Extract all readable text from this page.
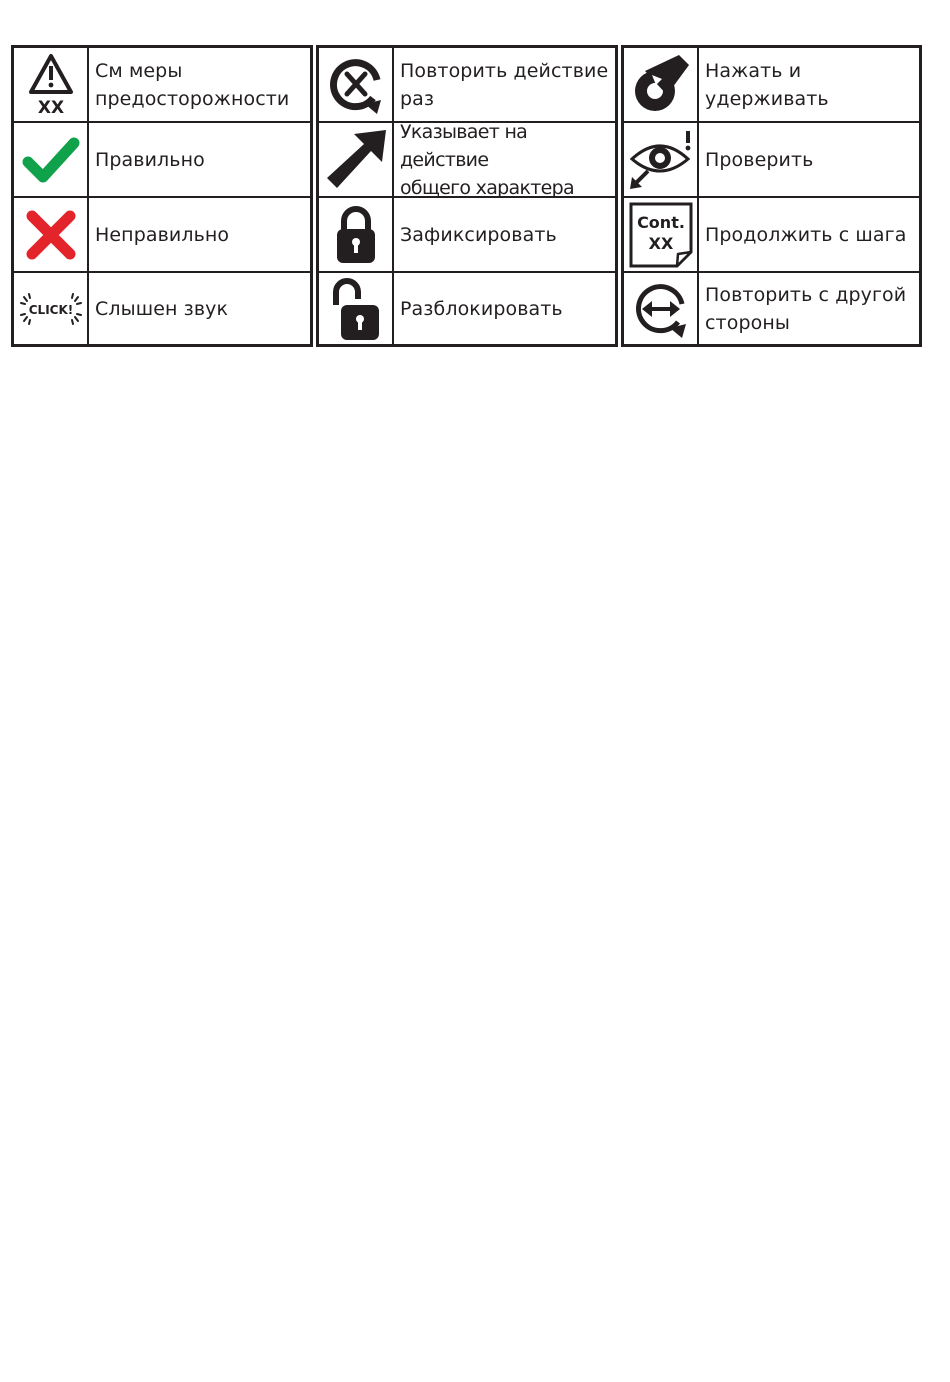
XX
См меры
предосторожности
Правильно
Неправильно
CLICK!	Слышен звук
Повторить действие
раз
Указывает на действие
общего характера
Зафиксировать
Разблокировать
Нажать и удерживать
Проверить
Cont.
XX	Продолжить с шага
Повторить с другой
стороны
